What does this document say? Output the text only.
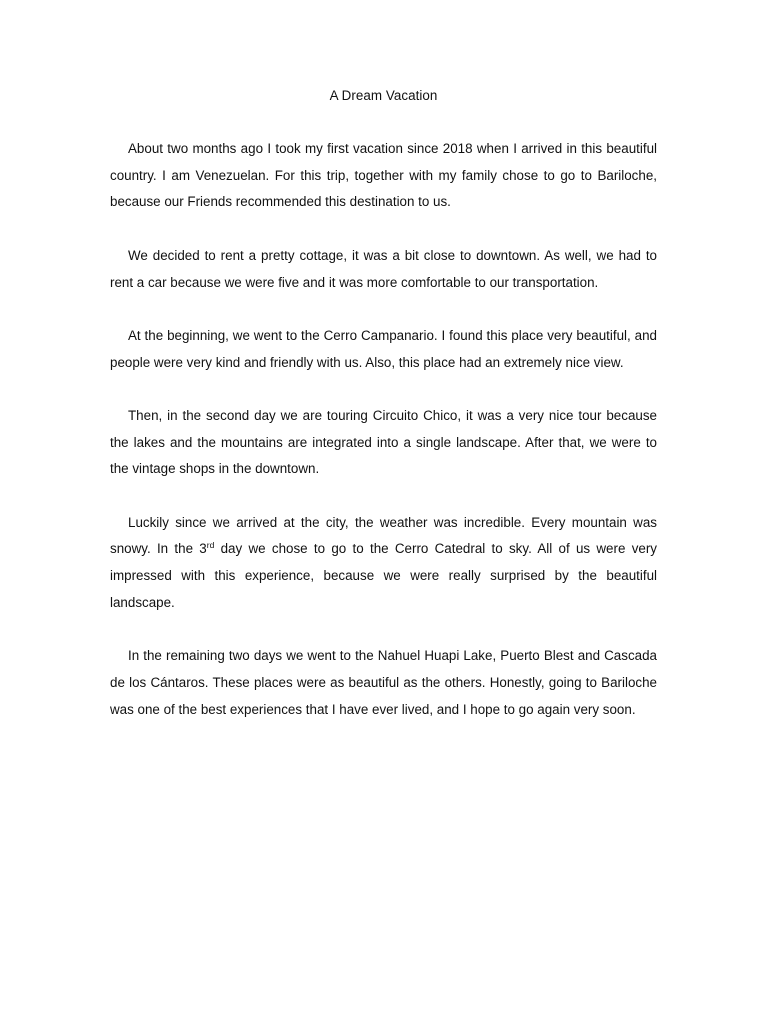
A Dream Vacation

About two months ago I took my first vacation since 2018 when I arrived in this beautiful country. I am Venezuelan. For this trip, together with my family chose to go to Bariloche, because our Friends recommended this destination to us.

We decided to rent a pretty cottage, it was a bit close to downtown. As well, we had to rent a car because we were five and it was more comfortable to our transportation.

At the beginning, we went to the Cerro Campanario. I found this place very beautiful, and people were very kind and friendly with us. Also, this place had an extremely nice view.

Then, in the second day we are touring Circuito Chico, it was a very nice tour because the lakes and the mountains are integrated into a single landscape. After that, we were to the vintage shops in the downtown.

Luckily since we arrived at the city, the weather was incredible. Every mountain was snowy. In the 3rd day we chose to go to the Cerro Catedral to sky. All of us were very impressed with this experience, because we were really surprised by the beautiful landscape.

In the remaining two days we went to the Nahuel Huapi Lake, Puerto Blest and Cascada de los Cántaros. These places were as beautiful as the others. Honestly, going to Bariloche was one of the best experiences that I have ever lived, and I hope to go again very soon.
